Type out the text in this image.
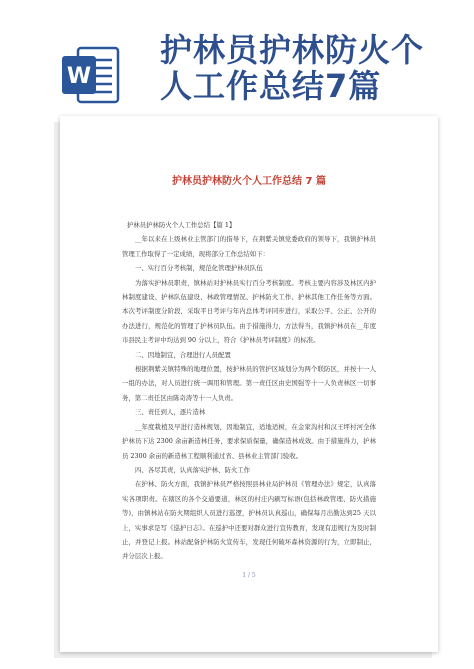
W
护林员护林防火个
人工作总结7篇
护林员护林防火个人工作总结 7 篇

护林员护林防火个人工作总结【篇 1】

__年以来在上级林业主管部门的指导下，在荆紫关镇党委政府的领导下，我镇护林员管理工作取得了一定成绩，现将部分工作总结如下：

一、实行百分考核制，规范化管理护林员队伍

为落实护林员职责，镇林站对护林员实行百分考核制度。考核主要内容涉及林区内护林制度建设、护林队伍建设、林政管理情况、护林防火工作、护林其他工作任务等方面。本次考评制度分阶段，采取平日考评与年内总体考评同步进行，采取公平、公正、公开的办法进行，规范化的管理了护林员队伍。由于措施得力，方法得当，我镇护林员在__年度市县民主考评中均达到 90 分以上，符合《护林员考评制度》的标准。

二、因地制宜，合理进行人员配置

根据荆紫关镇特殊的地理位置，按护林员的管护区域划分为两个联防区，并按十一人一组的办法，对人员进行统一调用和管理。第一责任区由史国强等十一人负责林区一切事务，第二责任区由陈奇涛等十一人负责。

三、责任到人，逐片造林

__年度栽植及早进行造林规划，因地制宜，适地适树，在金家沟村和汉王坪村河全体护林员下达 2300 余亩新造林任务，要求保质保量，确保造林成效。由于措施得力，护林员 2300 余亩的新造林工程顺利通过省、县林业主管部门验收。

四、各尽其责，认真落实护林、防火工作

在护林、防火方面，我镇护林员严格按照县林业局护林员《管理办法》规定，认真落实各项职责。在辖区的各个交通要道，林区的村庄内刷写标语(包括林政管理、防火措施等)，由镇林站在防火期组织人员进行巡逻，护林员认真巡山，确保每月出勤达到25 天以上，实事求是写《巡护日志》。在巡护中还要对群众进行宣传教育，发现有违规行为及时制止，并登记上报。林站配备护林防火宣传车，发现任何破坏森林资源的行为，立即制止，并分层次上报。

1 / 5
